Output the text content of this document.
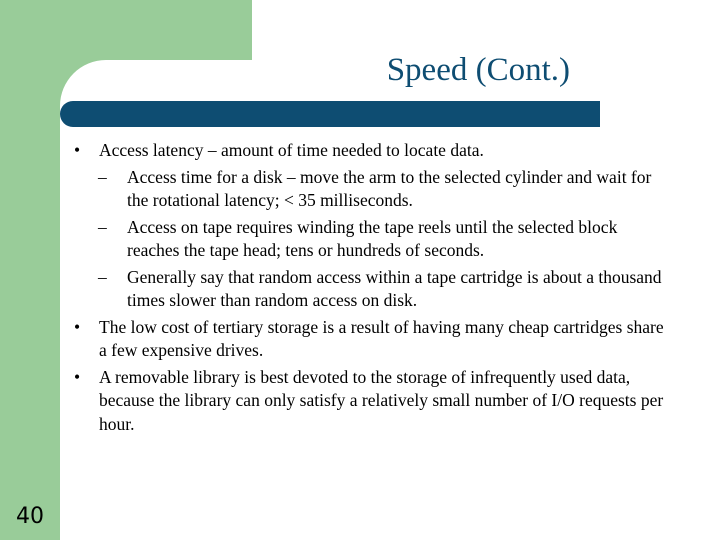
Speed (Cont.)
• Access latency – amount of time needed to locate data.
– Access time for a disk – move the arm to the selected cylinder and wait for the rotational latency; < 35 milliseconds.
– Access on tape requires winding the tape reels until the selected block reaches the tape head; tens or hundreds of seconds.
– Generally say that random access within a tape cartridge is about a thousand times slower than random access on disk.
• The low cost of tertiary storage is a result of having many cheap cartridges share a few expensive drives.
• A removable library is best devoted to the storage of infrequently used data, because the library can only satisfy a relatively small number of I/O requests per hour.
40
